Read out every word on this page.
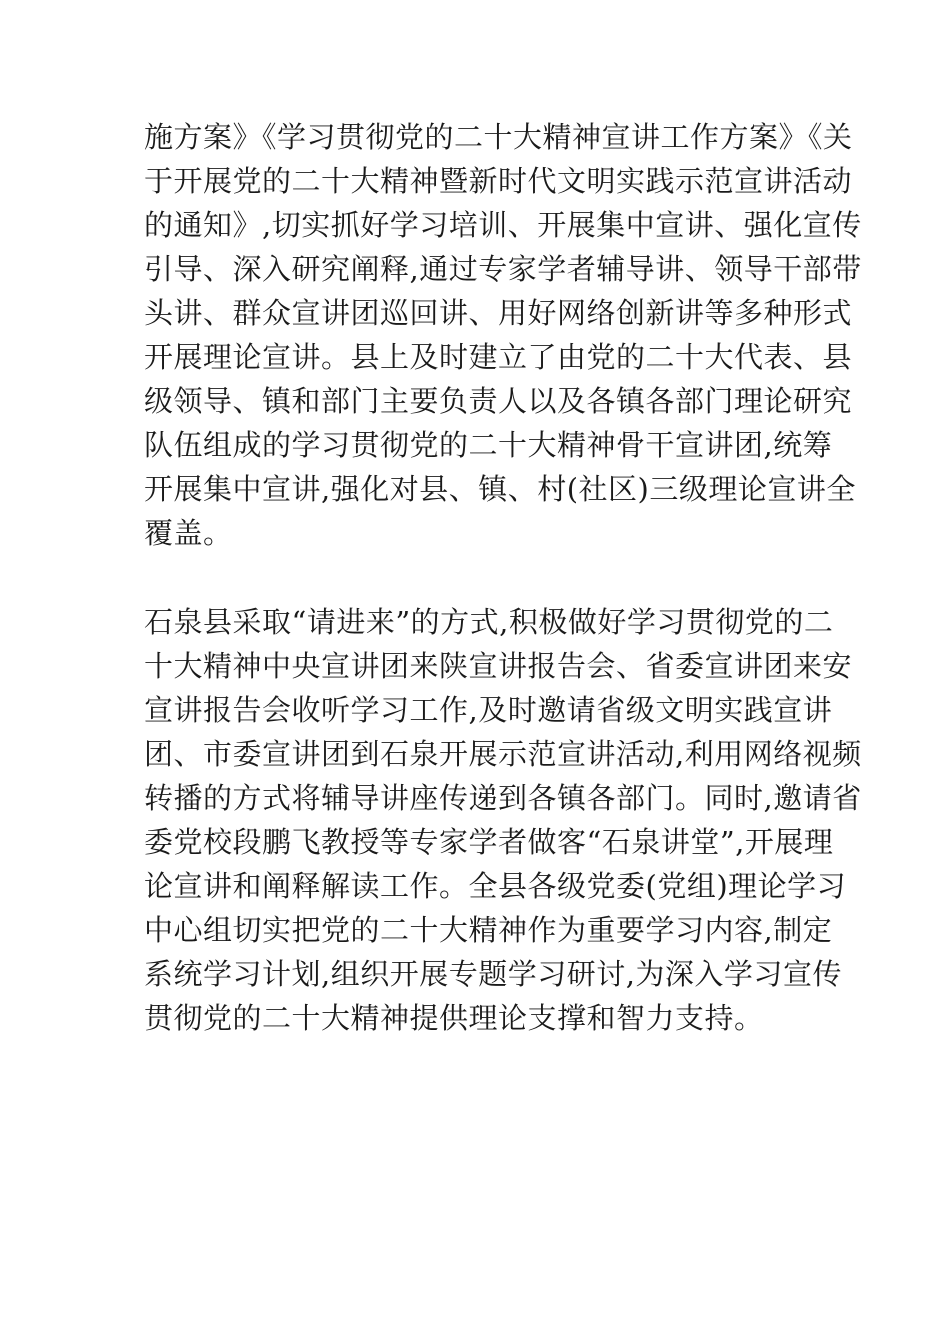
施方案》《学习贯彻党的二十大精神宣讲工作方案》《关
于开展党的二十大精神暨新时代文明实践示范宣讲活动
的通知》,切实抓好学习培训、开展集中宣讲、强化宣传
引导、深入研究阐释,通过专家学者辅导讲、领导干部带
头讲、群众宣讲团巡回讲、用好网络创新讲等多种形式
开展理论宣讲。县上及时建立了由党的二十大代表、县
级领导、镇和部门主要负责人以及各镇各部门理论研究
队伍组成的学习贯彻党的二十大精神骨干宣讲团,统筹
开展集中宣讲,强化对县、镇、村(社区)三级理论宣讲全
覆盖。
石泉县采取“请进来”的方式,积极做好学习贯彻党的二
十大精神中央宣讲团来陕宣讲报告会、省委宣讲团来安
宣讲报告会收听学习工作,及时邀请省级文明实践宣讲
团、市委宣讲团到石泉开展示范宣讲活动,利用网络视频
转播的方式将辅导讲座传递到各镇各部门。同时,邀请省
委党校段鹏飞教授等专家学者做客“石泉讲堂”,开展理
论宣讲和阐释解读工作。全县各级党委(党组)理论学习
中心组切实把党的二十大精神作为重要学习内容,制定
系统学习计划,组织开展专题学习研讨,为深入学习宣传
贯彻党的二十大精神提供理论支撑和智力支持。
